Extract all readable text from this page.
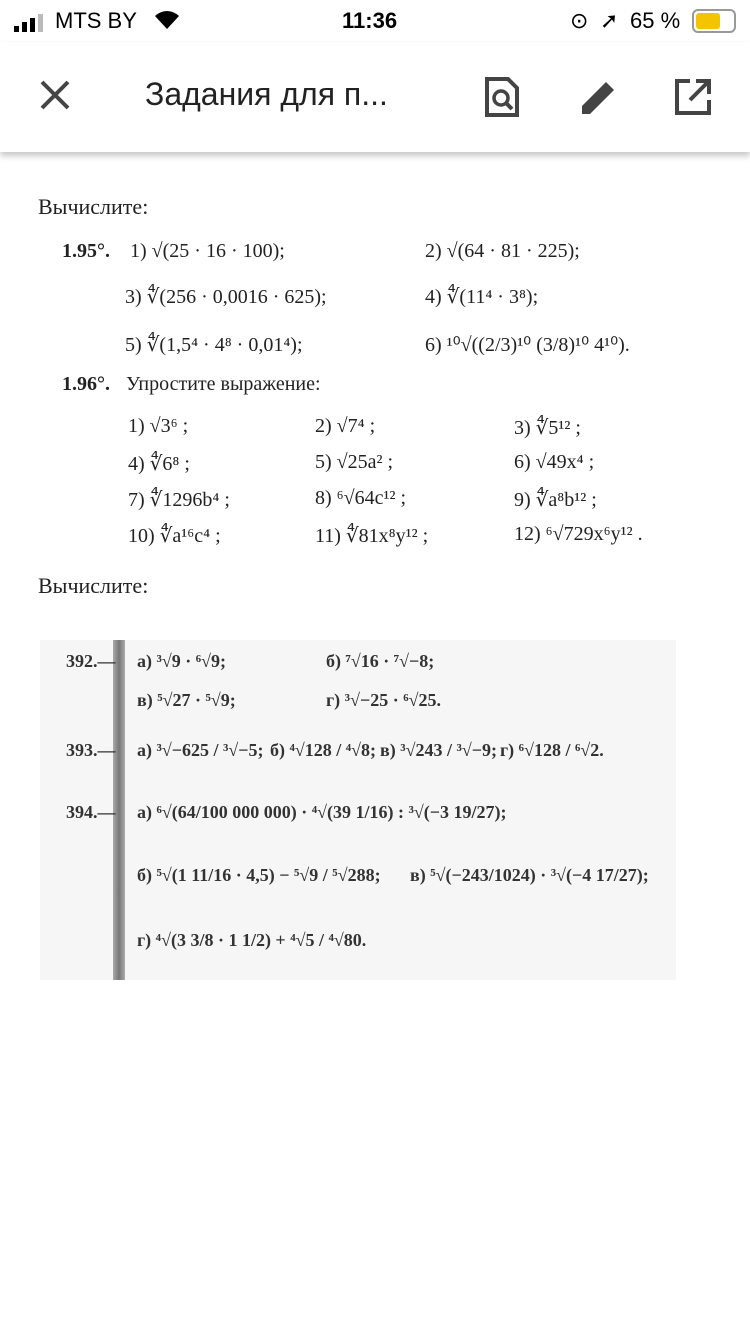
MTS BY	11:36	⊙ ➚ 65 %
Задания для п...
Вычислите:
1.95°. 1) √(25 · 16 · 100);	2) √(64 · 81 · 225);
3) ∜(256 · 0,0016 · 625);	4) ∜(11⁴ · 3⁸);
5) ∜(1,5⁴ · 4⁸ · 0,01⁴);	6) ¹⁰√((2/3)¹⁰ (3/8)¹⁰ 4¹⁰).
1.96°. Упростите выражение:
1) √3⁶ ;	2) √7⁴ ;	3) ∜5¹² ;
4) ∜6⁸ ;	5) √25a² ;	6) √49x⁴ ;
7) ∜1296b⁴ ;	8) ⁶√64c¹² ;	9) ∜a⁸b¹² ;
10) ∜a¹⁶c⁴ ;	11) ∜81x⁸y¹² ;	12) ⁶√729x⁶y¹² .
Вычислите:
392.— а) ³√9 · ⁶√9;	б) ⁷√16 · ⁷√−8;
в) ⁵√27 · ⁵√9;	г) ³√−25 · ⁶√25.
393.— а) ³√−625 / ³√−5; б) ⁴√128 / ⁴√8; в) ³√243 / ³√−9; г) ⁶√128 / ⁶√2.
394.— а) ⁶√(64/100 000 000) · ⁴√(39 1/16) : ³√(−3 19/27);
б) ⁵√(1 11/16 · 4,5) − ⁵√9 / ⁵√288; в) ⁵√(−243/1024) · ³√(−4 17/27);
г) ⁴√(3 3/8 · 1 1/2) + ⁴√5 / ⁴√80.
